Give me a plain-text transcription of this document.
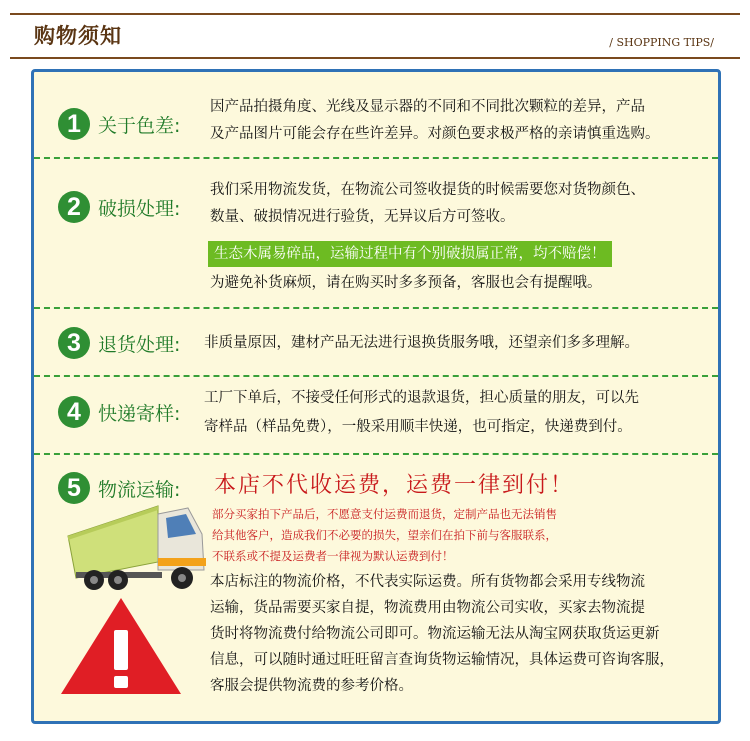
购物须知	/ SHOPPING TIPS/
1 关于色差:
因产品拍摄角度、光线及显示器的不同和不同批次颗粒的差异，产品
及产品图片可能会存在些许差异。对颜色要求极严格的亲请慎重选购。
2 破损处理:
我们采用物流发货，在物流公司签收提货的时候需要您对货物颜色、
数量、破损情况进行验货，无异议后方可签收。
生态木属易碎品，运输过程中有个别破损属正常，均不赔偿！
为避免补货麻烦，请在购买时多多预备，客服也会有提醒哦。
3 退货处理: 非质量原因，建材产品无法进行退换货服务哦，还望亲们多多理解。
4 快递寄样:
工厂下单后，不接受任何形式的退款退货，担心质量的朋友，可以先
寄样品（样品免费），一般采用顺丰快递，也可指定，快递费到付。
5 物流运输: 本店不代收运费，运费一律到付！
部分买家拍下产品后，不愿意支付运费而退货，定制产品也无法销售
给其他客户，造成我们不必要的损失，望亲们在拍下前与客服联系，
不联系或不提及运费者一律视为默认运费到付！
本店标注的物流价格，不代表实际运费。所有货物都会采用专线物流
运输，货品需要买家自提，物流费用由物流公司实收，买家去物流提
货时将物流费付给物流公司即可。物流运输无法从淘宝网获取货运更新
信息，可以随时通过旺旺留言查询货物运输情况，具体运费可咨询客服，
客服会提供物流费的参考价格。
